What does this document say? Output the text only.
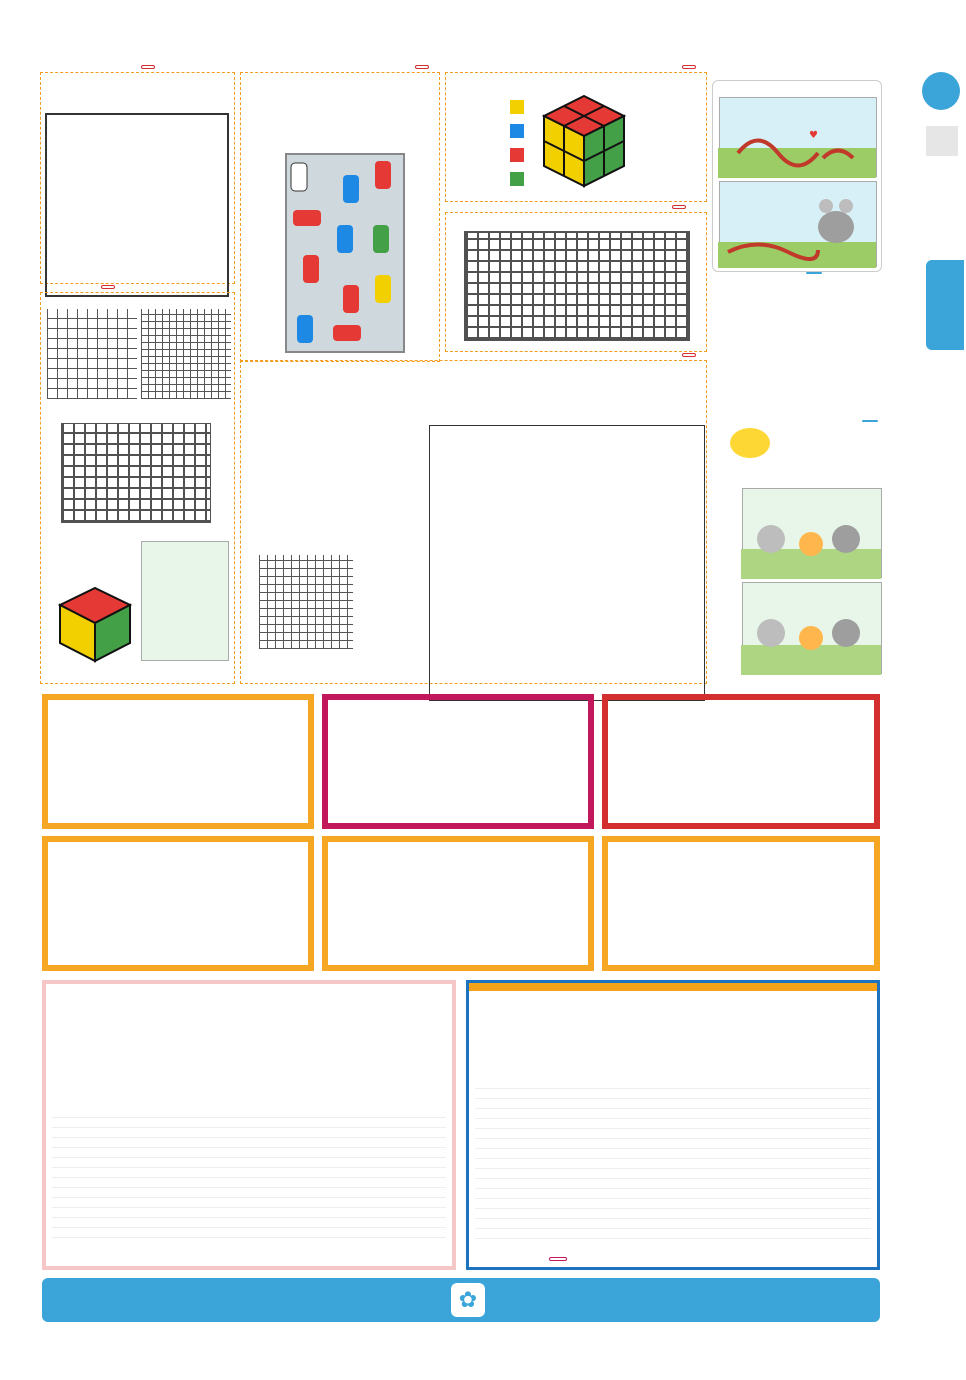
♥

✿
